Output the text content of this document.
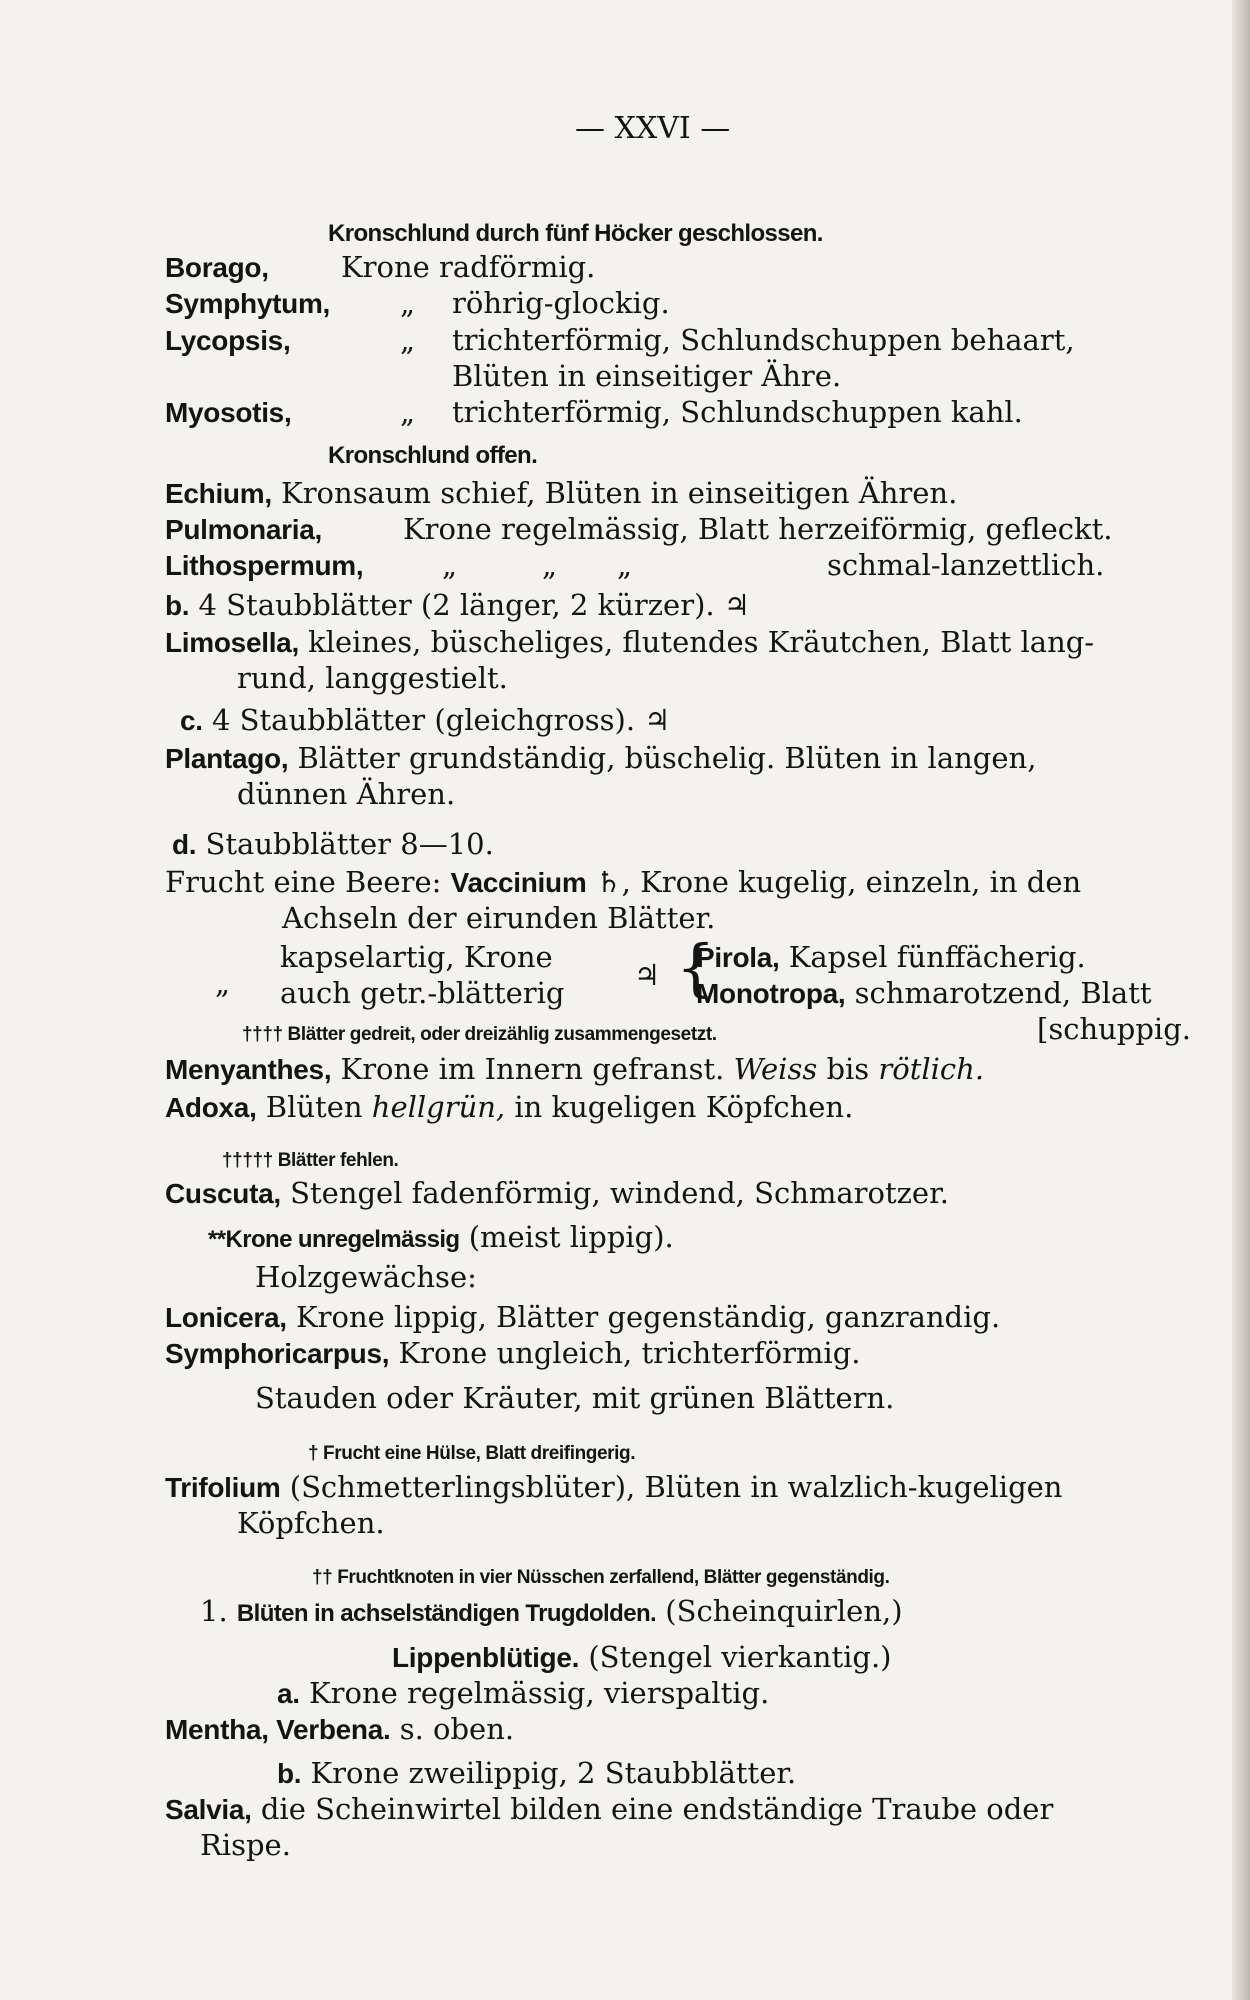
— XXVI —
Kronschlund durch fünf Höcker geschlossen.
Borago, Krone radförmig.
Symphytum, „ röhrig-glockig.
Lycopsis,	„ trichterförmig, Schlundschuppen behaart,
Blüten in einseitiger Ähre.
Myosotis,	„ trichterförmig, Schlundschuppen kahl.
Kronschlund offen.
Echium, Kronsaum schief, Blüten in einseitigen Ähren.
Pulmonaria,	Krone regelmässig, Blatt herzeiförmig, gefleckt.
Lithospermum,	„	„ „	schmal-lanzettlich.
b. 4 Staubblätter (2 länger, 2 kürzer). ♃
Limosella, kleines, büscheliges, flutendes Kräutchen, Blatt lang-
rund, langgestielt.
c. 4 Staubblätter (gleichgross). ♃
Plantago, Blätter grundständig, büschelig. Blüten in langen,
dünnen Ähren.
d. Staubblätter 8—10.
Frucht eine Beere: Vaccinium ♄, Krone kugelig, einzeln, in den
Achseln der eirunden Blätter.
kapselartig, Krone {
Pirola, Kapsel fünffächerig.
„ auch getr.-blätterig
♃
Monotropa, schmarotzend, Blatt
†††† Blätter gedreit, oder dreizählig zusammengesetzt.	[schuppig.
Menyanthes, Krone im Innern gefranst. Weiss bis rötlich.
Adoxa, Blüten hellgrün, in kugeligen Köpfchen.
††††† Blätter fehlen.
Cuscuta, Stengel fadenförmig, windend, Schmarotzer.
**Krone unregelmässig (meist lippig).
Holzgewächse:
Lonicera, Krone lippig, Blätter gegenständig, ganzrandig.
Symphoricarpus, Krone ungleich, trichterförmig.
Stauden oder Kräuter, mit grünen Blättern.
† Frucht eine Hülse, Blatt dreifingerig.
Trifolium (Schmetterlingsblüter), Blüten in walzlich-kugeligen
Köpfchen.
†† Fruchtknoten in vier Nüsschen zerfallend, Blätter gegenständig.
1. Blüten in achselständigen Trugdolden. (Scheinquirlen,)
Lippenblütige. (Stengel vierkantig.)
a. Krone regelmässig, vierspaltig.
Mentha, Verbena. s. oben.
b. Krone zweilippig, 2 Staubblätter.
Salvia, die Scheinwirtel bilden eine endständige Traube oder
Rispe.
